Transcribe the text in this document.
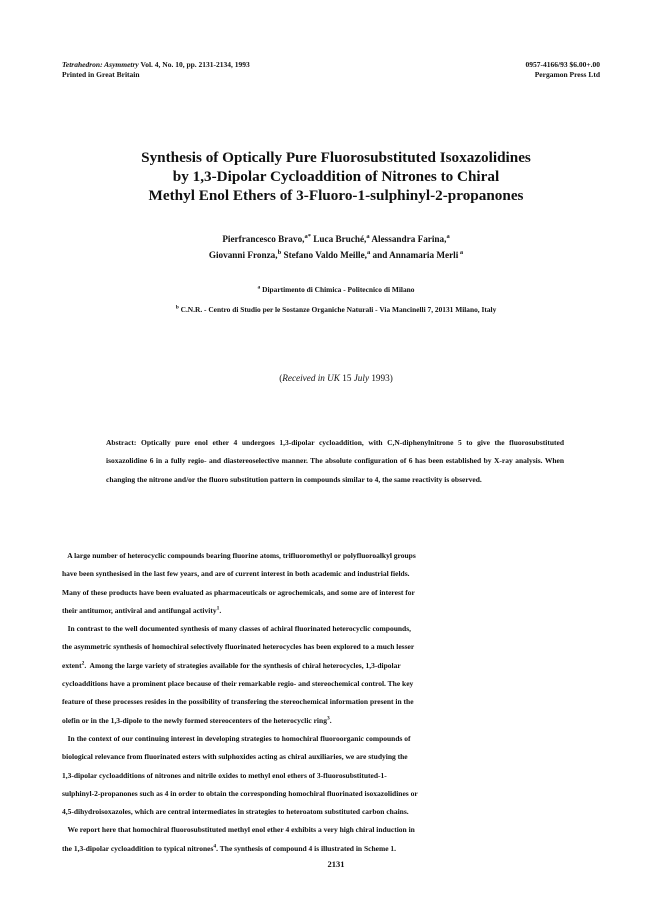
Tetrahedron: Asymmetry Vol. 4, No. 10, pp. 2131-2134, 1993
Printed in Great Britain
0957-4166/93 $6.00+.00
Pergamon Press Ltd
Synthesis of Optically Pure Fluorosubstituted Isoxazolidines
by 1,3-Dipolar Cycloaddition of Nitrones to Chiral
Methyl Enol Ethers of 3-Fluoro-1-sulphinyl-2-propanones
Pierfrancesco Bravo,$^{a*}$ Luca Bruché,$^a$ Alessandra Farina,$^a$
Giovanni Fronza,$^b$ Stefano Valdo Meille,$^a$ and Annamaria Merli $^a$
$^a$ Dipartimento di Chimica - Politecnico di Milano
$^b$ C.N.R. - Centro di Studio per le Sostanze Organiche Naturali - Via Mancinelli 7, 20131 Milano, Italy
(Received in UK 15 July 1993)
Abstract: Optically pure enol ether 4 undergoes 1,3-dipolar cycloaddition, with C,N-diphenylnitrone 5 to give the fluorosubstituted isoxazolidine 6 in a fully regio- and diastereoselective manner. The absolute configuration of 6 has been established by X-ray analysis. When changing the nitrone and/or the fluoro substitution pattern in compounds similar to 4, the same reactivity is observed.
A large number of heterocyclic compounds bearing fluorine atoms, trifluoromethyl or polyfluoroalkyl groups
have been synthesised in the last few years, and are of current interest in both academic and industrial fields.
Many of these products have been evaluated as pharmaceuticals or agrochemicals, and some are of interest for
their antitumor, antiviral and antifungal activity$^1$.
In contrast to the well documented synthesis of many classes of achiral fluorinated heterocyclic compounds,
the asymmetric synthesis of homochiral selectively fluorinated heterocycles has been explored to a much lesser
extent$^2$.  Among the large variety of strategies available for the synthesis of chiral heterocycles, 1,3-dipolar
cycloadditions have a prominent place because of their remarkable regio- and stereochemical control. The key
feature of these processes resides in the possibility of transfering the stereochemical information present in the
olefin or in the 1,3-dipole to the newly formed stereocenters of the heterocyclic ring$^3$.
In the context of our continuing interest in developing strategies to homochiral fluoroorganic compounds of
biological relevance from fluorinated esters with sulphoxides acting as chiral auxiliaries, we are studying the
1,3-dipolar cycloadditions of nitrones and nitrile oxides to methyl enol ethers of 3-fluorosubstituted-1-
sulphinyl-2-propanones such as 4 in order to obtain the corresponding homochiral fluorinated isoxazolidines or
4,5-dihydroisoxazoles, which are central intermediates in strategies to heteroatom substituted carbon chains.
We report here that homochiral fluorosubstituted methyl enol ether 4 exhibits a very high chiral induction in
the 1,3-dipolar cycloaddition to typical nitrones$^4$. The synthesis of compound 4 is illustrated in Scheme 1.
2131
